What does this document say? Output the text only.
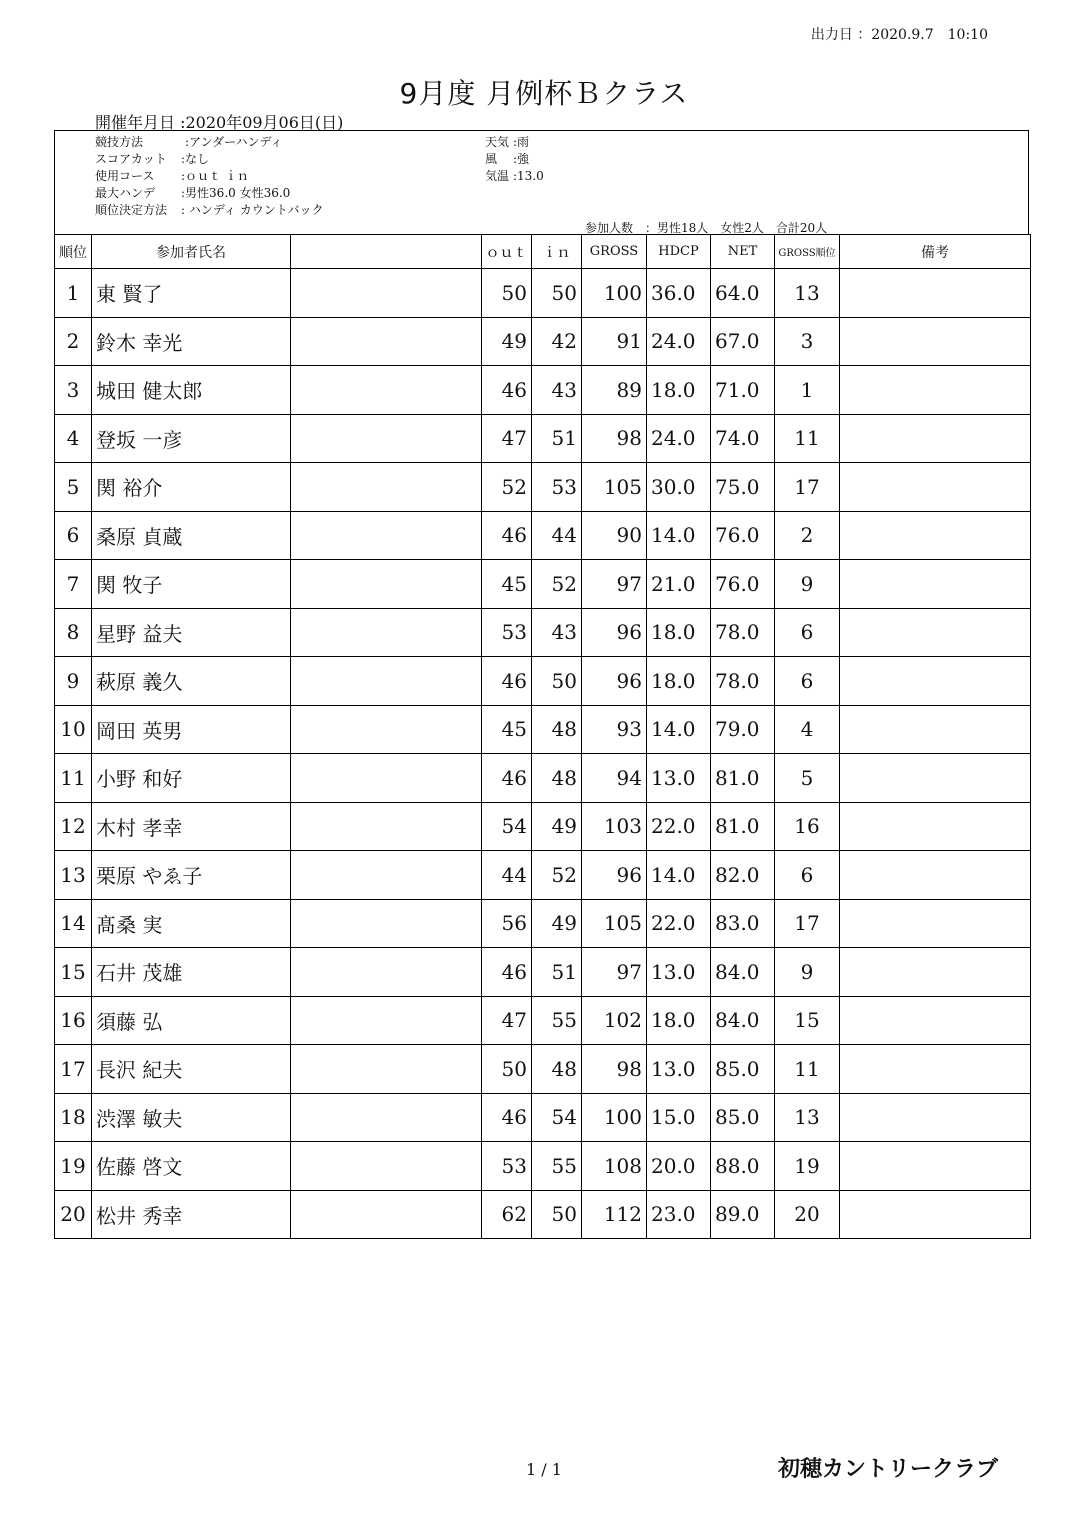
出力日 ：2020.9.7　10:10
9月度 月例杯Ｂクラス
開催年月日 :2020年09月06日(日)
競技方法	:アンダーハンディ
スコアカット :なし
使用コース :ｏｕｔ ｉｎ
最大ハンデ :男性36.0 女性36.0
順位決定方法 : ハンディ カウントバック
天気 :雨
風 :強
気温 :13.0
参加人数　：男性18人　女性2人　合計20人
順位	参加者氏名		ｏｕｔ	ｉｎ	GROSS	HDCP	NET	GROSS順位	備考
1	東 賢了		50	50	100	36.0	64.0	13	
2	鈴木 幸光		49	42	91	24.0	67.0	3	
3	城田 健太郎		46	43	89	18.0	71.0	1	
4	登坂 一彦		47	51	98	24.0	74.0	11	
5	関 裕介		52	53	105	30.0	75.0	17	
6	桑原 貞蔵		46	44	90	14.0	76.0	2	
7	関 牧子		45	52	97	21.0	76.0	9	
8	星野 益夫		53	43	96	18.0	78.0	6	
9	萩原 義久		46	50	96	18.0	78.0	6	
10	岡田 英男		45	48	93	14.0	79.0	4	
11	小野 和好		46	48	94	13.0	81.0	5	
12	木村 孝幸		54	49	103	22.0	81.0	16	
13	栗原 やゑ子		44	52	96	14.0	82.0	6	
14	髙桑 実		56	49	105	22.0	83.0	17	
15	石井 茂雄		46	51	97	13.0	84.0	9	
16	須藤 弘		47	55	102	18.0	84.0	15	
17	長沢 紀夫		50	48	98	13.0	85.0	11	
18	渋澤 敏夫		46	54	100	15.0	85.0	13	
19	佐藤 啓文		53	55	108	20.0	88.0	19	
20	松井 秀幸		62	50	112	23.0	89.0	20	
1 / 1	初穂カントリークラブ
